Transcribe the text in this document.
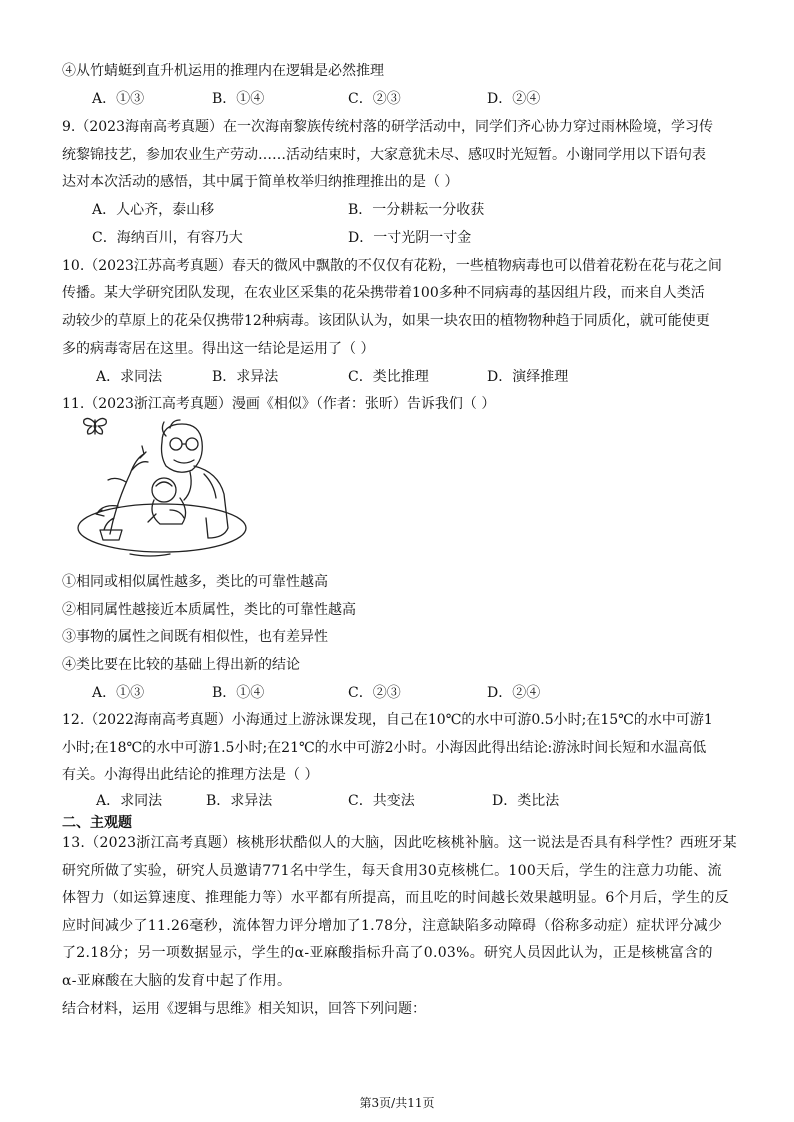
④从竹蜻蜓到直升机运用的推理内在逻辑是必然推理
A．①③	B．①④	C．②③	D．②④
9.（2023海南高考真题）在一次海南黎族传统村落的研学活动中，同学们齐心协力穿过雨林险境，学习传
统黎锦技艺，参加农业生产劳动……活动结束时，大家意犹未尽、感叹时光短暂。小谢同学用以下语句表
达对本次活动的感悟，其中属于简单枚举归纳推理推出的是（ ）
A．人心齐，泰山移	B．一分耕耘一分收获
C．海纳百川，有容乃大	D．一寸光阴一寸金
10.（2023江苏高考真题）春天的微风中飘散的不仅仅有花粉，一些植物病毒也可以借着花粉在花与花之间
传播。某大学研究团队发现，在农业区采集的花朵携带着100多种不同病毒的基因组片段，而来自人类活
动较少的草原上的花朵仅携带12种病毒。该团队认为，如果一块农田的植物物种趋于同质化，就可能使更
多的病毒寄居在这里。得出这一结论是运用了（ ）
A．求同法	B．求异法	C．类比推理	D．演绎推理
11.（2023浙江高考真题）漫画《相似》（作者：张昕）告诉我们（ ）
①相同或相似属性越多，类比的可靠性越高
②相同属性越接近本质属性，类比的可靠性越高
③事物的属性之间既有相似性，也有差异性
④类比要在比较的基础上得出新的结论
A．①③	B．①④	C．②③	D．②④
12.（2022海南高考真题）小海通过上游泳课发现，自己在10℃的水中可游0.5小时;在15℃的水中可游1
小时;在18℃的水中可游1.5小时;在21℃的水中可游2小时。小海因此得出结论:游泳时间长短和水温高低
有关。小海得出此结论的推理方法是（ ）
A．求同法	B．求异法	C．共变法	D．类比法
二、主观题
13.（2023浙江高考真题）核桃形状酷似人的大脑，因此吃核桃补脑。这一说法是否具有科学性？西班牙某
研究所做了实验，研究人员邀请771名中学生，每天食用30克核桃仁。100天后，学生的注意力功能、流
体智力（如运算速度、推理能力等）水平都有所提高，而且吃的时间越长效果越明显。6个月后，学生的反
应时间减少了11.26毫秒，流体智力评分增加了1.78分，注意缺陷多动障碍（俗称多动症）症状评分减少
了2.18分；另一项数据显示，学生的α-亚麻酸指标升高了0.03%。研究人员因此认为，正是核桃富含的
α-亚麻酸在大脑的发育中起了作用。
结合材料，运用《逻辑与思维》相关知识，回答下列问题：
第3页/共11页
